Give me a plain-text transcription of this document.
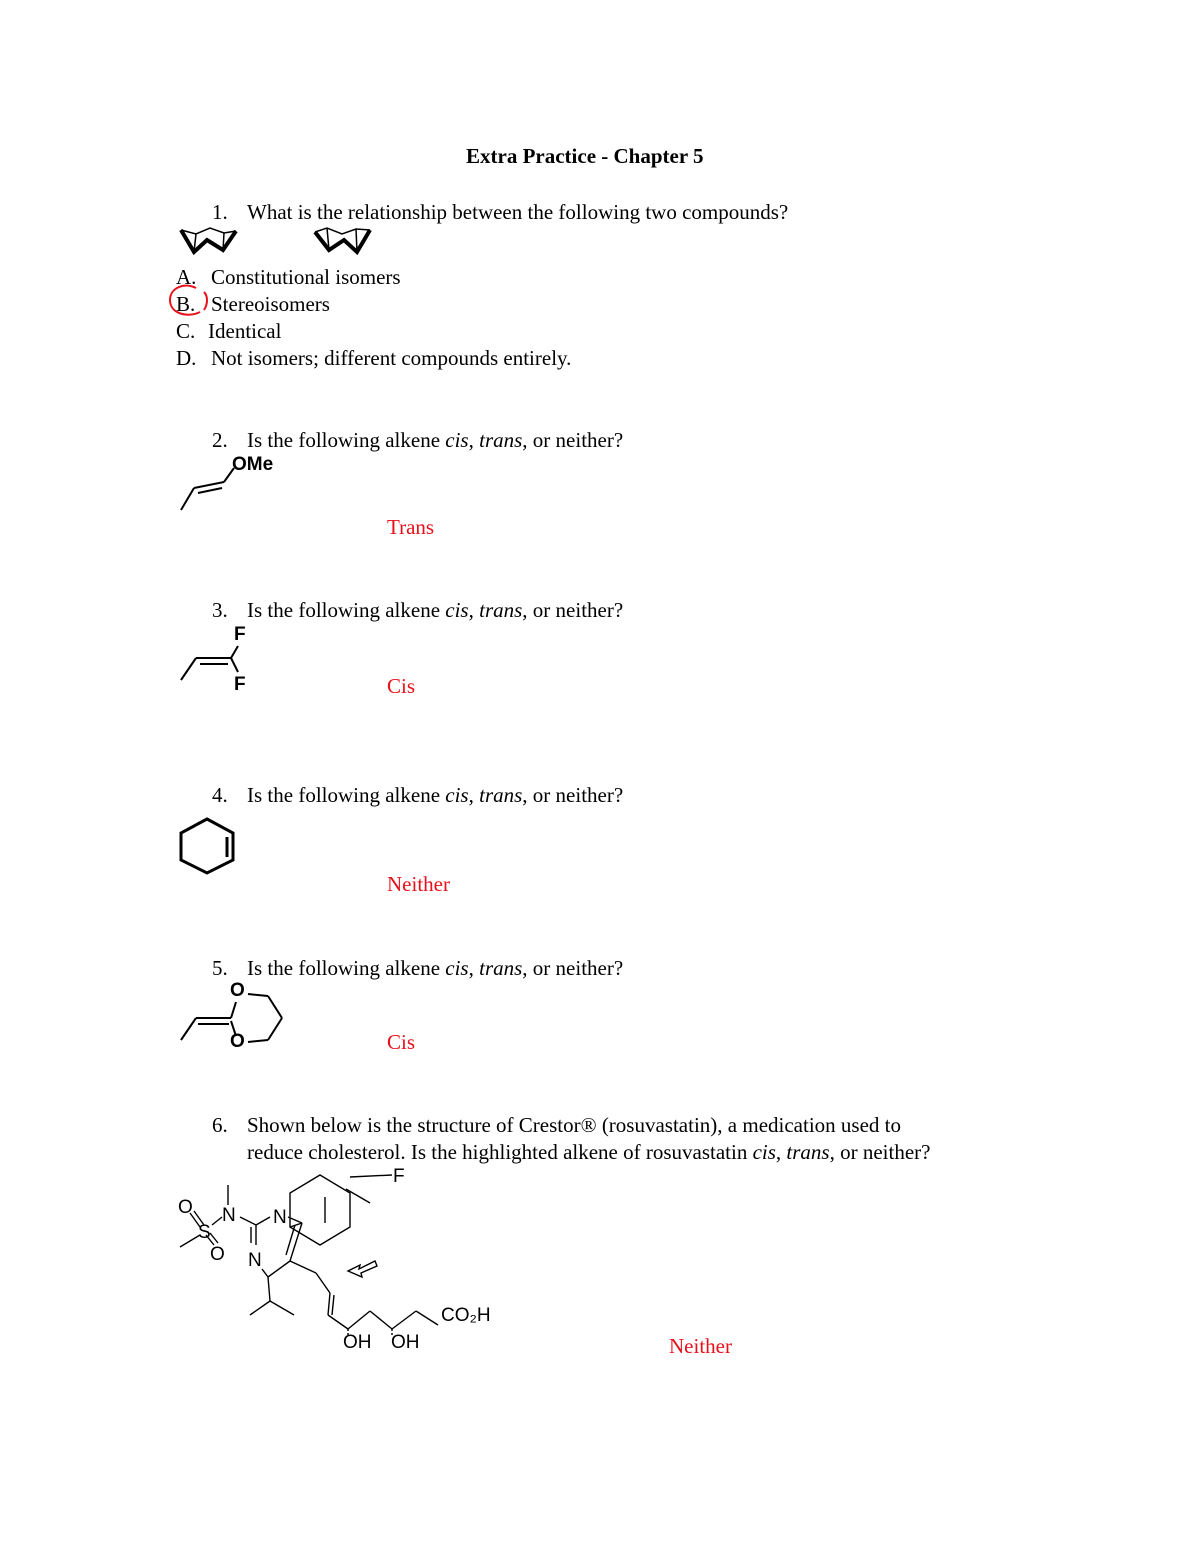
Extra Practice - Chapter 5
1. What is the relationship between the following two compounds?
A. Constitutional isomers
B. Stereoisomers
C. Identical
D. Not isomers; different compounds entirely.
2. Is the following alkene cis, trans, or neither?
OMe
Trans
3. Is the following alkene cis, trans, or neither?
F
F	Cis
4. Is the following alkene cis, trans, or neither?
Neither
5. Is the following alkene cis, trans, or neither?
O
O	Cis
6. Shown below is the structure of Crestor® (rosuvastatin), a medication used to
reduce cholesterol. Is the highlighted alkene of rosuvastatin cis, trans, or neither?
F
N
N
N
S
O
O
OH OH
CO₂H
Neither
